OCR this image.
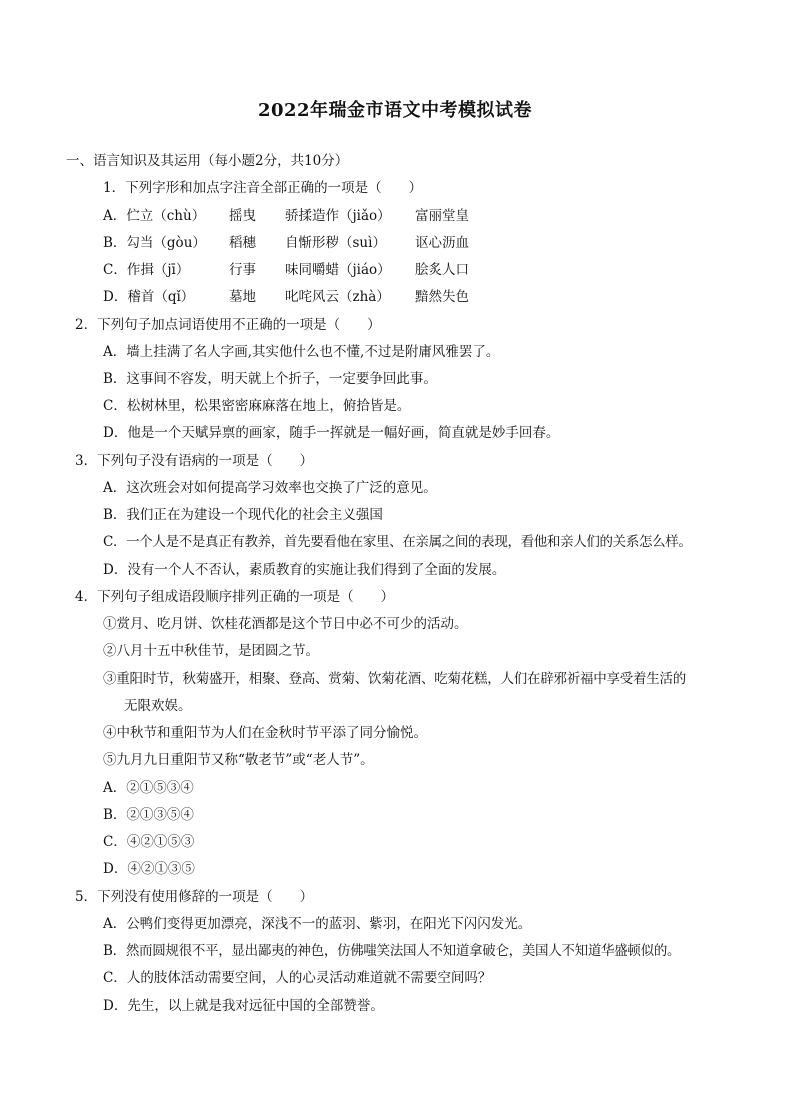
2022年瑞金市语文中考模拟试卷
一、语言知识及其运用（每小题2分，共10分）
1．下列字形和加点字注音全部正确的一项是（　　）
A．伫立（chù） 摇曳 骄揉造作（jiǎo） 富丽堂皇
B．勾当（gòu） 稻穗 自惭形秽（suì） 讴心沥血
C．作揖（jī）	行事 味同嚼蜡（jiáo） 脍炙人口
D．稽首（qǐ）	墓地 叱咤风云（zhà） 黯然失色
2．下列句子加点词语使用不正确的一项是（　　）
A．墙上挂满了名人字画,其实他什么也不懂,不过是附庸风雅罢了。
B．这事间不容发，明天就上个折子，一定要争回此事。
C．松树林里，松果密密麻麻落在地上，俯拾皆是。
D．他是一个天赋异禀的画家，随手一挥就是一幅好画，简直就是妙手回春。
3．下列句子没有语病的一项是（　　）
A．这次班会对如何提高学习效率也交换了广泛的意见。
B．我们正在为建设一个现代化的社会主义强国
C．一个人是不是真正有教养，首先要看他在家里、在亲属之间的表现，看他和亲人们的关系怎么样。
D．没有一个人不否认，素质教育的实施让我们得到了全面的发展。
4．下列句子组成语段顺序排列正确的一项是（　　）
①赏月、吃月饼、饮桂花酒都是这个节日中必不可少的活动。
②八月十五中秋佳节，是团圆之节。
③重阳时节，秋菊盛开，相聚、登高、赏菊、饮菊花酒、吃菊花糕，人们在辟邪祈福中享受着生活的
无限欢娱。
④中秋节和重阳节为人们在金秋时节平添了同分愉悦。
⑤九月九日重阳节又称“敬老节”或“老人节”。
A．②①⑤③④
B．②①③⑤④
C．④②①⑤③
D．④②①③⑤
5．下列没有使用修辞的一项是（　　）
A．公鸭们变得更加漂亮，深浅不一的蓝羽、紫羽，在阳光下闪闪发光。
B．然而圆规很不平，显出鄙夷的神色，仿佛嗤笑法国人不知道拿破仑，美国人不知道华盛顿似的。
C．人的肢体活动需要空间，人的心灵活动难道就不需要空间吗？
D．先生，以上就是我对远征中国的全部赞誉。
